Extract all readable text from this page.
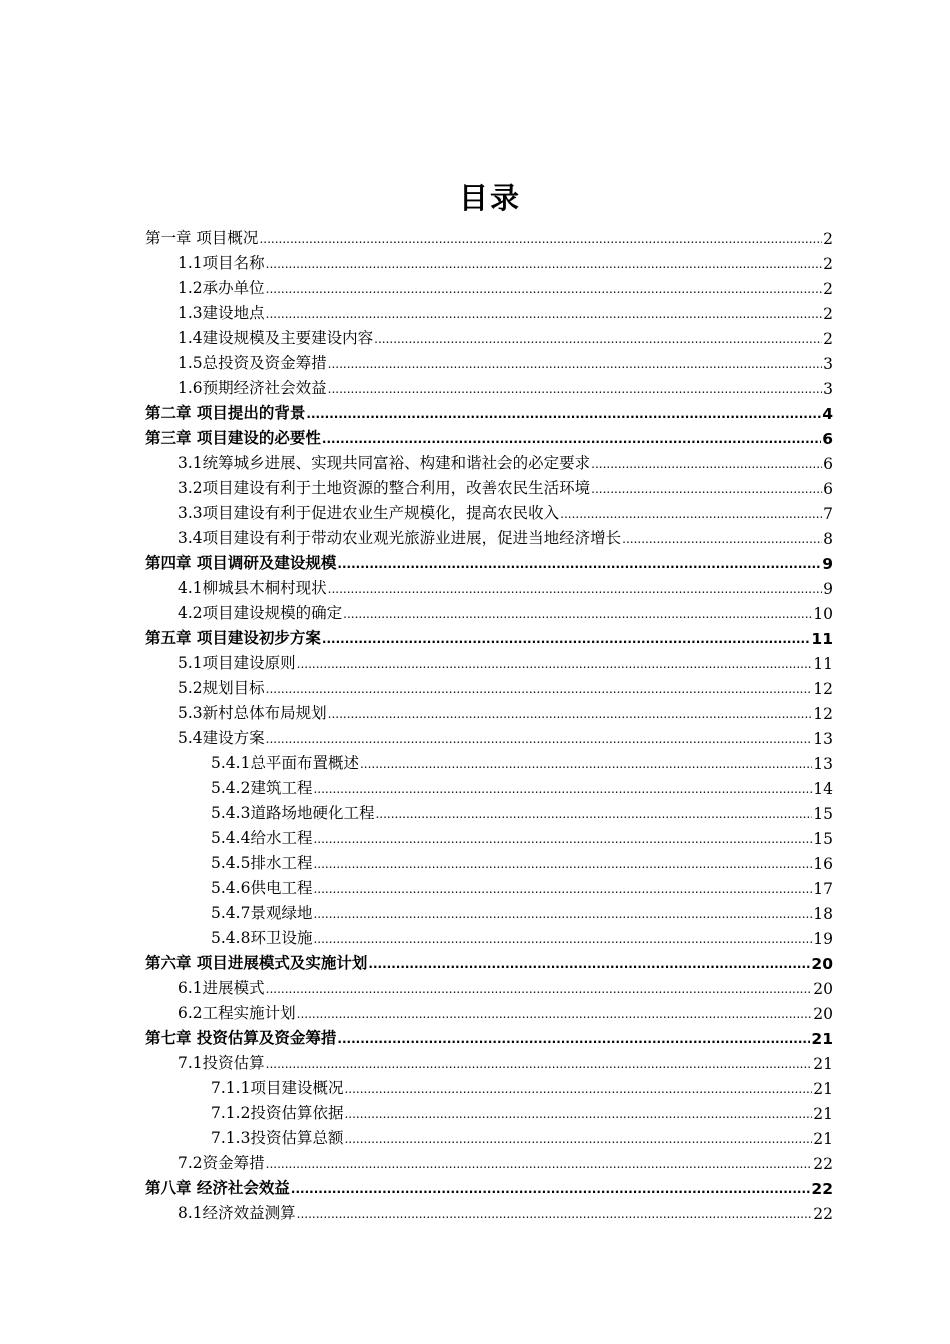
目录
第一章 项目概况 .....	2
1.1项目名称 .....	2
1.2承办单位 .....	2
1.3建设地点 .....	2
1.4建设规模及主要建设内容 .....	2
1.5总投资及资金筹措 .....	3
1.6预期经济社会效益 .....	3
第二章 项目提出的背景 .....	4
第三章 项目建设的必要性 .....	6
3.1统筹城乡进展、实现共同富裕、构建和谐社会的必定要求 .....	6
3.2项目建设有利于土地资源的整合利用，改善农民生活环境 .....	6
3.3项目建设有利于促进农业生产规模化，提高农民收入 .....	7
3.4项目建设有利于带动农业观光旅游业进展，促进当地经济增长 .....	8
第四章 项目调研及建设规模 .....	9
4.1柳城县木桐村现状 .....	9
4.2项目建设规模的确定 .....	10
第五章 项目建设初步方案 .....	11
5.1项目建设原则 .....	11
5.2规划目标 .....	12
5.3新村总体布局规划 .....	12
5.4建设方案 .....	13
5.4.1总平面布置概述 .....	13
5.4.2建筑工程 .....	14
5.4.3道路场地硬化工程 .....	15
5.4.4给水工程 .....	15
5.4.5排水工程 .....	16
5.4.6供电工程 .....	17
5.4.7景观绿地 .....	18
5.4.8环卫设施 .....	19
第六章 项目进展模式及实施计划 .....	20
6.1进展模式 .....	20
6.2工程实施计划 .....	20
第七章 投资估算及资金筹措 .....	21
7.1投资估算 .....	21
7.1.1项目建设概况 .....	21
7.1.2投资估算依据 .....	21
7.1.3投资估算总额 .....	21
7.2资金筹措 .....	22
第八章 经济社会效益 .....	22
8.1经济效益测算 .....	22
